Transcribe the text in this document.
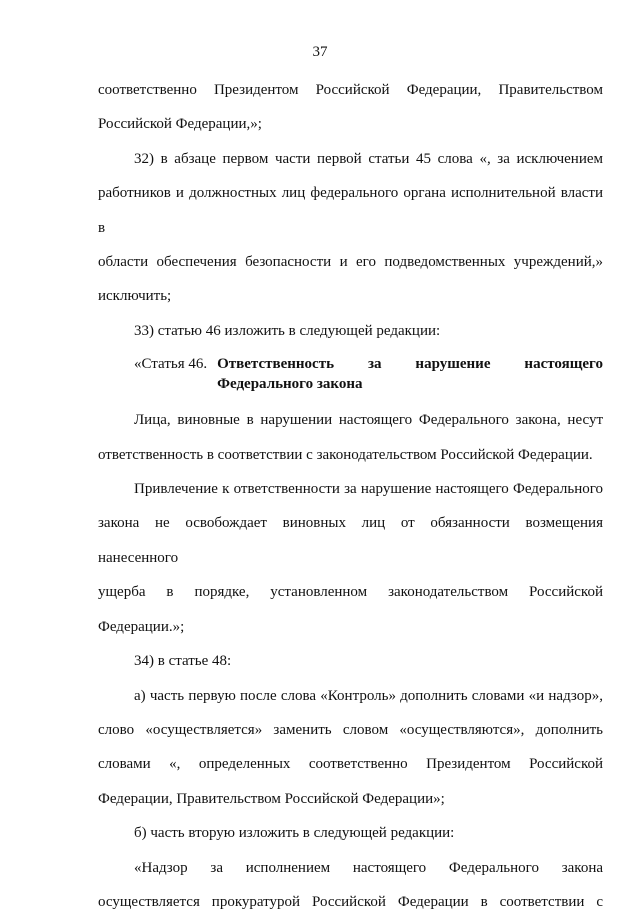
37

соответственно Президентом Российской Федерации, Правительством

Российской Федерации,»;

32) в абзаце первом части первой статьи 45 слова «, за исключением

работников и должностных лиц федерального органа исполнительной власти в

области обеспечения безопасности и его подведомственных учреждений,»

исключить;

33) статью 46 изложить в следующей редакции:

«Статья 46. Ответственность за нарушение настоящего
Федерального закона

Лица, виновные в нарушении настоящего Федерального закона, несут

ответственность в соответствии с законодательством Российской Федерации.

Привлечение к ответственности за нарушение настоящего Федерального

закона не освобождает виновных лиц от обязанности возмещения нанесенного

ущерба в порядке, установленном законодательством Российской

Федерации.»;

34) в статье 48:

а) часть первую после слова «Контроль» дополнить словами «и надзор»,

слово «осуществляется» заменить словом «осуществляются», дополнить

словами «, определенных соответственно Президентом Российской

Федерации, Правительством Российской Федерации»;

б) часть вторую изложить в следующей редакции:

«Надзор за исполнением настоящего Федерального закона

осуществляется прокуратурой Российской Федерации в соответствии с
